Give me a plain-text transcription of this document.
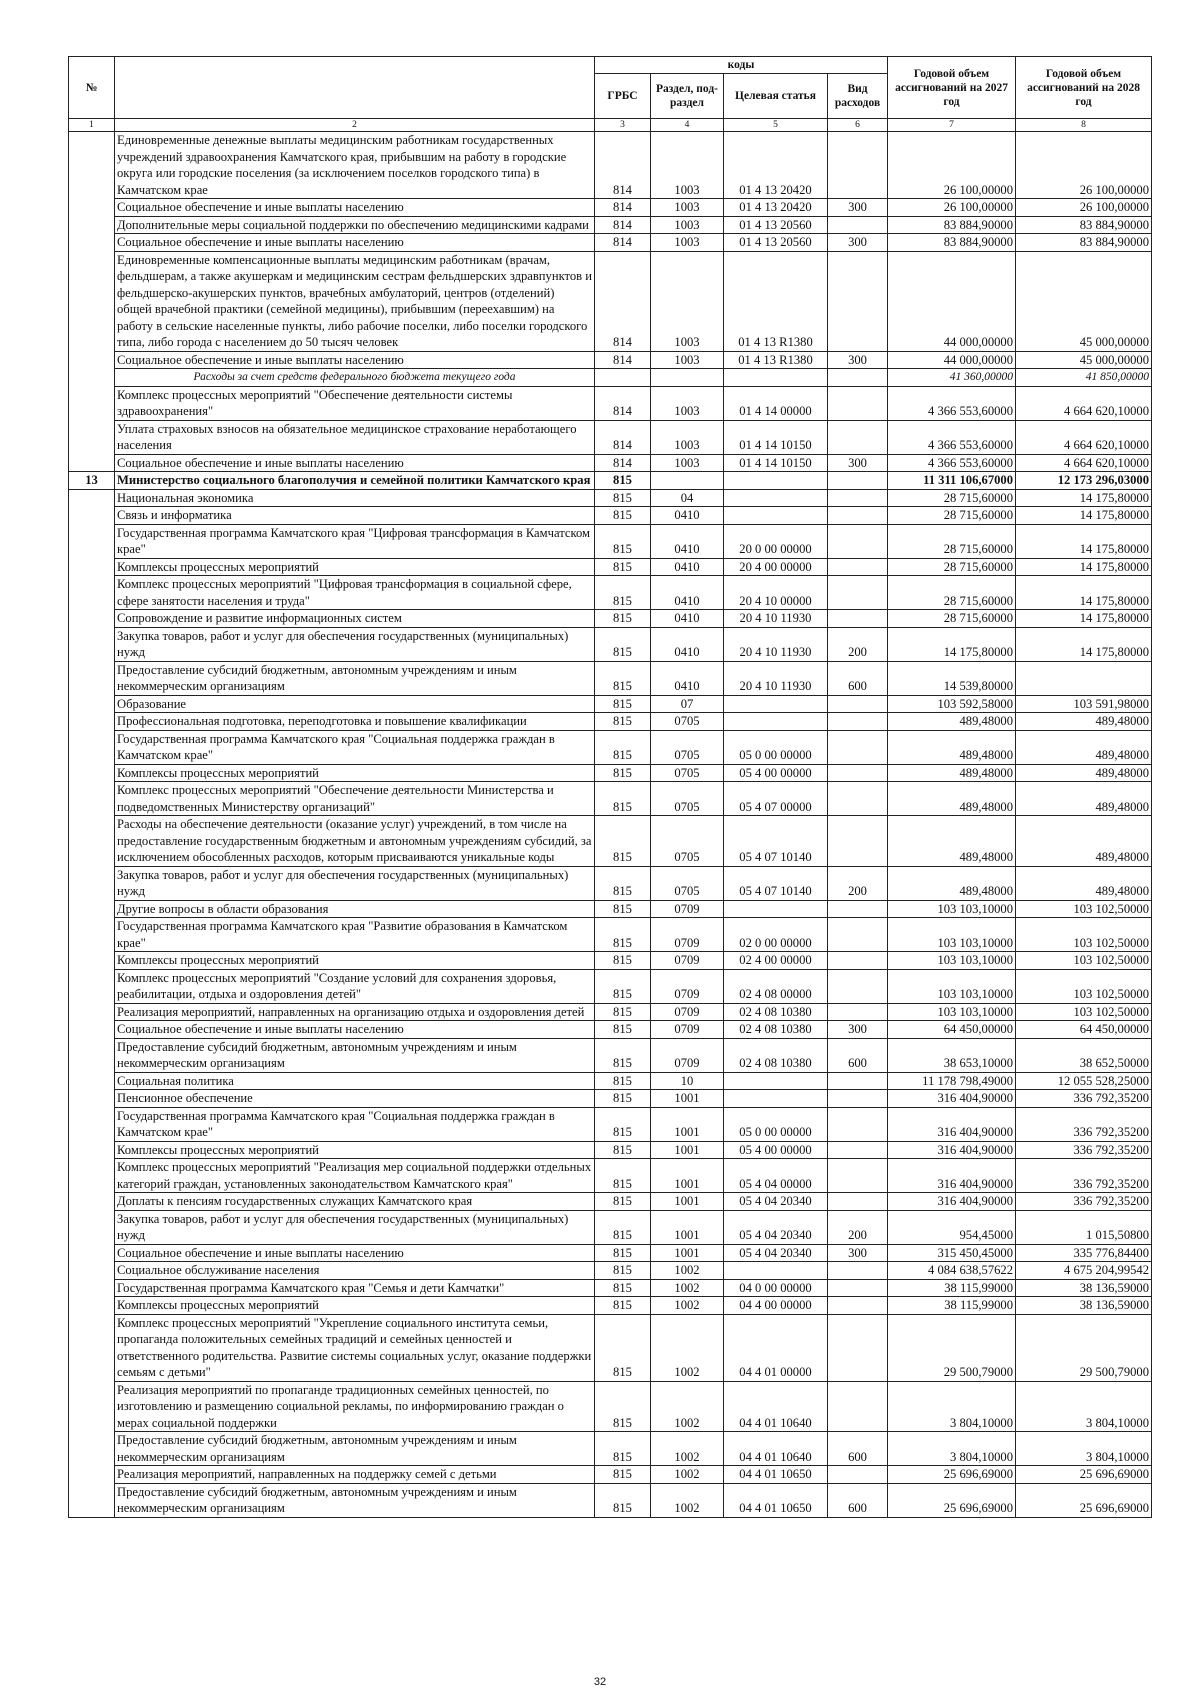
№		коды				Годовой объем ассигнований на 2027 год	Годовой объем ассигнований на 2028 год
		ГРБС	Раздел, под-раздел	Целевая статья	Вид расходов		
1	2	3	4	5	6	7	8
	Единовременные денежные выплаты медицинским работникам государственных учреждений здравоохранения Камчатского края, прибывшим на работу в городские округа или городские поселения (за исключением поселков городского типа) в Камчатском крае	814	1003	01 4 13 20420		26 100,00000	26 100,00000
	Социальное обеспечение и иные выплаты населению	814	1003	01 4 13 20420	300	26 100,00000	26 100,00000
	Дополнительные меры социальной поддержки по обеспечению медицинскими кадрами	814	1003	01 4 13 20560		83 884,90000	83 884,90000
	Социальное обеспечение и иные выплаты населению	814	1003	01 4 13 20560	300	83 884,90000	83 884,90000
	Единовременные компенсационные выплаты медицинским работникам (врачам, фельдшерам, а также акушеркам и медицинским сестрам фельдшерских здравпунктов и фельдшерско-акушерских пунктов, врачебных амбулаторий, центров (отделений) общей врачебной практики (семейной медицины), прибывшим (переехавшим) на работу в сельские населенные пункты, либо рабочие поселки, либо поселки городского типа, либо города с населением до 50 тысяч человек	814	1003	01 4 13 R1380		44 000,00000	45 000,00000
	Социальное обеспечение и иные выплаты населению	814	1003	01 4 13 R1380	300	44 000,00000	45 000,00000
	Расходы за счет средств федерального бюджета текущего года					41 360,00000	41 850,00000
	Комплекс процессных мероприятий "Обеспечение деятельности системы здравоохранения"	814	1003	01 4 14 00000		4 366 553,60000	4 664 620,10000
	Уплата страховых взносов на обязательное медицинское страхование неработающего населения	814	1003	01 4 14 10150		4 366 553,60000	4 664 620,10000
	Социальное обеспечение и иные выплаты населению	814	1003	01 4 14 10150	300	4 366 553,60000	4 664 620,10000
13	Министерство социального благополучия и семейной политики Камчатского края	815				11 311 106,67000	12 173 296,03000
	Национальная экономика	815	04			28 715,60000	14 175,80000
	Связь и информатика	815	0410			28 715,60000	14 175,80000
	Государственная программа Камчатского края "Цифровая трансформация в Камчатском крае"	815	0410	20 0 00 00000		28 715,60000	14 175,80000
	Комплексы процессных мероприятий	815	0410	20 4 00 00000		28 715,60000	14 175,80000
	Комплекс процессных мероприятий "Цифровая трансформация в социальной сфере, сфере занятости населения и труда"	815	0410	20 4 10 00000		28 715,60000	14 175,80000
	Сопровождение и развитие информационных систем	815	0410	20 4 10 11930		28 715,60000	14 175,80000
	Закупка товаров, работ и услуг для обеспечения государственных (муниципальных) нужд	815	0410	20 4 10 11930	200	14 175,80000	14 175,80000
	Предоставление субсидий бюджетным, автономным учреждениям и иным некоммерческим организациям	815	0410	20 4 10 11930	600	14 539,80000	
	Образование	815	07			103 592,58000	103 591,98000
	Профессиональная подготовка, переподготовка и повышение квалификации	815	0705			489,48000	489,48000
	Государственная программа Камчатского края "Социальная поддержка граждан в Камчатском крае"	815	0705	05 0 00 00000		489,48000	489,48000
	Комплексы процессных мероприятий	815	0705	05 4 00 00000		489,48000	489,48000
	Комплекс процессных мероприятий "Обеспечение деятельности Министерства и подведомственных Министерству организаций"	815	0705	05 4 07 00000		489,48000	489,48000
	Расходы на обеспечение деятельности (оказание услуг) учреждений, в том числе на предоставление государственным бюджетным и автономным учреждениям субсидий, за исключением обособленных расходов, которым присваиваются уникальные коды	815	0705	05 4 07 10140		489,48000	489,48000
	Закупка товаров, работ и услуг для обеспечения государственных (муниципальных) нужд	815	0705	05 4 07 10140	200	489,48000	489,48000
	Другие вопросы в области образования	815	0709			103 103,10000	103 102,50000
	Государственная программа Камчатского края "Развитие образования в Камчатском крае"	815	0709	02 0 00 00000		103 103,10000	103 102,50000
	Комплексы процессных мероприятий	815	0709	02 4 00 00000		103 103,10000	103 102,50000
	Комплекс процессных мероприятий "Создание условий для сохранения здоровья, реабилитации, отдыха и оздоровления детей"	815	0709	02 4 08 00000		103 103,10000	103 102,50000
	Реализация мероприятий, направленных на организацию отдыха и оздоровления детей	815	0709	02 4 08 10380		103 103,10000	103 102,50000
	Социальное обеспечение и иные выплаты населению	815	0709	02 4 08 10380	300	64 450,00000	64 450,00000
	Предоставление субсидий бюджетным, автономным учреждениям и иным некоммерческим организациям	815	0709	02 4 08 10380	600	38 653,10000	38 652,50000
	Социальная политика	815	10			11 178 798,49000	12 055 528,25000
	Пенсионное обеспечение	815	1001			316 404,90000	336 792,35200
	Государственная программа Камчатского края "Социальная поддержка граждан в Камчатском крае"	815	1001	05 0 00 00000		316 404,90000	336 792,35200
	Комплексы процессных мероприятий	815	1001	05 4 00 00000		316 404,90000	336 792,35200
	Комплекс процессных мероприятий "Реализация мер социальной поддержки отдельных категорий граждан, установленных законодательством Камчатского края"	815	1001	05 4 04 00000		316 404,90000	336 792,35200
	Доплаты к пенсиям государственных служащих Камчатского края	815	1001	05 4 04 20340		316 404,90000	336 792,35200
	Закупка товаров, работ и услуг для обеспечения государственных (муниципальных) нужд	815	1001	05 4 04 20340	200	954,45000	1 015,50800
	Социальное обеспечение и иные выплаты населению	815	1001	05 4 04 20340	300	315 450,45000	335 776,84400
	Социальное обслуживание населения	815	1002			4 084 638,57622	4 675 204,99542
	Государственная программа Камчатского края "Семья и дети Камчатки"	815	1002	04 0 00 00000		38 115,99000	38 136,59000
	Комплексы процессных мероприятий	815	1002	04 4 00 00000		38 115,99000	38 136,59000
	Комплекс процессных мероприятий "Укрепление социального института семьи, пропаганда положительных семейных традиций и семейных ценностей и ответственного родительства. Развитие системы социальных услуг, оказание поддержки семьям с детьми"	815	1002	04 4 01 00000		29 500,79000	29 500,79000
	Реализация мероприятий по пропаганде традиционных семейных ценностей, по изготовлению и размещению социальной рекламы, по информированию граждан о мерах социальной поддержки	815	1002	04 4 01 10640		3 804,10000	3 804,10000
	Предоставление субсидий бюджетным, автономным учреждениям и иным некоммерческим организациям	815	1002	04 4 01 10640	600	3 804,10000	3 804,10000
	Реализация мероприятий, направленных на поддержку семей с детьми	815	1002	04 4 01 10650		25 696,69000	25 696,69000
	Предоставление субсидий бюджетным, автономным учреждениям и иным некоммерческим организациям	815	1002	04 4 01 10650	600	25 696,69000	25 696,69000
32
